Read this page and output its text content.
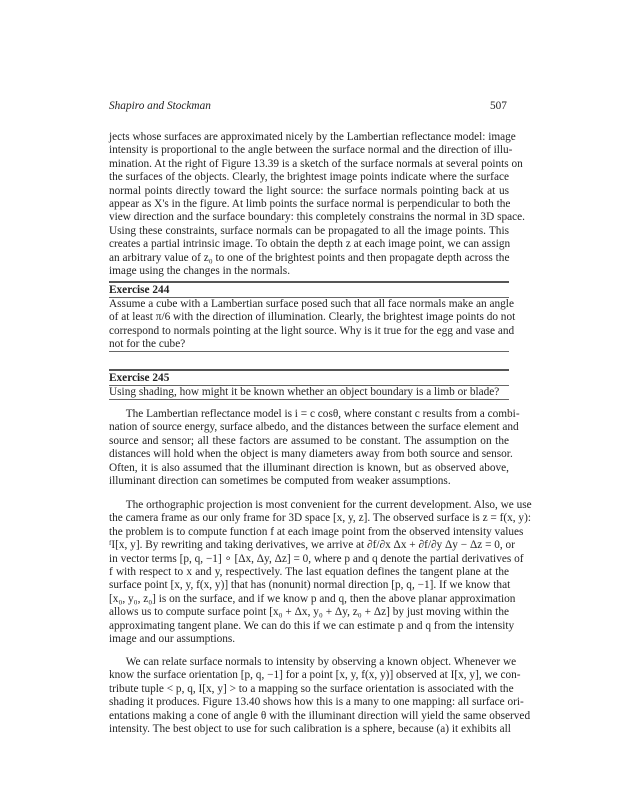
Shapiro and Stockman	507
Exercise 244
Exercise 245
jects whose surfaces are approximated nicely by the Lambertian reflectance model: image
intensity is proportional to the angle between the surface normal and the direction of illu-
mination. At the right of Figure 13.39 is a sketch of the surface normals at several points on
the surfaces of the objects. Clearly, the brightest image points indicate where the surface
normal points directly toward the light source: the surface normals pointing back at us
appear as X's in the figure. At limb points the surface normal is perpendicular to both the
view direction and the surface boundary: this completely constrains the normal in 3D space.
Using these constraints, surface normals can be propagated to all the image points. This
creates a partial intrinsic image. To obtain the depth z at each image point, we can assign
an arbitrary value of z₀ to one of the brightest points and then propagate depth across the
image using the changes in the normals.
Assume a cube with a Lambertian surface posed such that all face normals make an angle
of at least π/6 with the direction of illumination. Clearly, the brightest image points do not
correspond to normals pointing at the light source. Why is it true for the egg and vase and
not for the cube?
Using shading, how might it be known whether an object boundary is a limb or blade?
The Lambertian reflectance model is i = c cosθ, where constant c results from a combi-
nation of source energy, surface albedo, and the distances between the surface element and
source and sensor; all these factors are assumed to be constant. The assumption on the
distances will hold when the object is many diameters away from both source and sensor.
Often, it is also assumed that the illuminant direction is known, but as observed above,
illuminant direction can sometimes be computed from weaker assumptions.
The orthographic projection is most convenient for the current development. Also, we use
the camera frame as our only frame for 3D space [x, y, z]. The observed surface is z = f(x, y):
the problem is to compute function f at each image point from the observed intensity values
ᶠI[x, y]. By rewriting and taking derivatives, we arrive at ∂f/∂x Δx + ∂f/∂y Δy − Δz = 0, or
in vector terms [p, q, −1] ∘ [Δx, Δy, Δz] = 0, where p and q denote the partial derivatives of
f with respect to x and y, respectively. The last equation defines the tangent plane at the
surface point [x, y, f(x, y)] that has (nonunit) normal direction [p, q, −1]. If we know that
[x₀, y₀, z₀] is on the surface, and if we know p and q, then the above planar approximation
allows us to compute surface point [x₀ + Δx, y₀ + Δy, z₀ + Δz] by just moving within the
approximating tangent plane. We can do this if we can estimate p and q from the intensity
image and our assumptions.
We can relate surface normals to intensity by observing a known object. Whenever we
know the surface orientation [p, q, −1] for a point [x, y, f(x, y)] observed at I[x, y], we con-
tribute tuple < p, q, I[x, y] > to a mapping so the surface orientation is associated with the
shading it produces. Figure 13.40 shows how this is a many to one mapping: all surface ori-
entations making a cone of angle θ with the illuminant direction will yield the same observed
intensity. The best object to use for such calibration is a sphere, because (a) it exhibits all
